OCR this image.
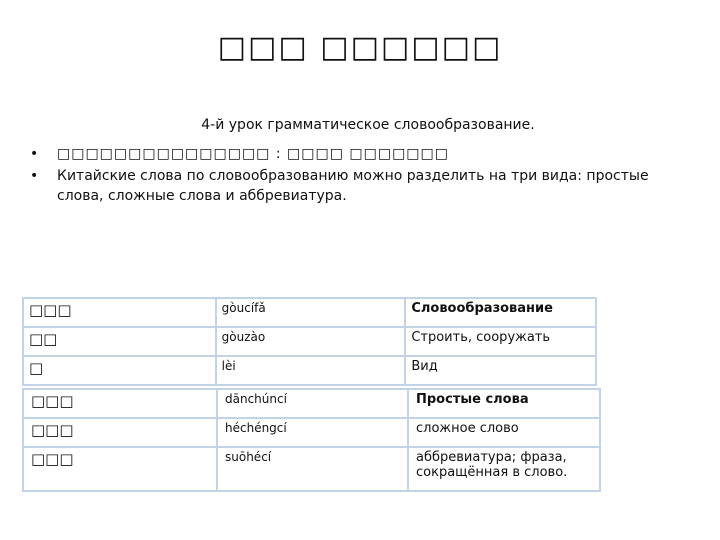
□□□ □□□□□□
4-й урок грамматическое словообразование.
• □□□□□□□□□□□□□□□ : □□□□ □□□□□□□
• Китайские слова по словообразованию можно разделить на три вида: простые слова, сложные слова и аббревиатура.
□□□	gòucífǎ	Словообразование
□□	gòuzào	Строить, сооружать
□	lèi	Вид
□□□	dānchúncí	Простые слова
□□□	héchéngcí	сложное слово
□□□	suōhécí	аббревиатура; фраза, сокращённая в слово.
